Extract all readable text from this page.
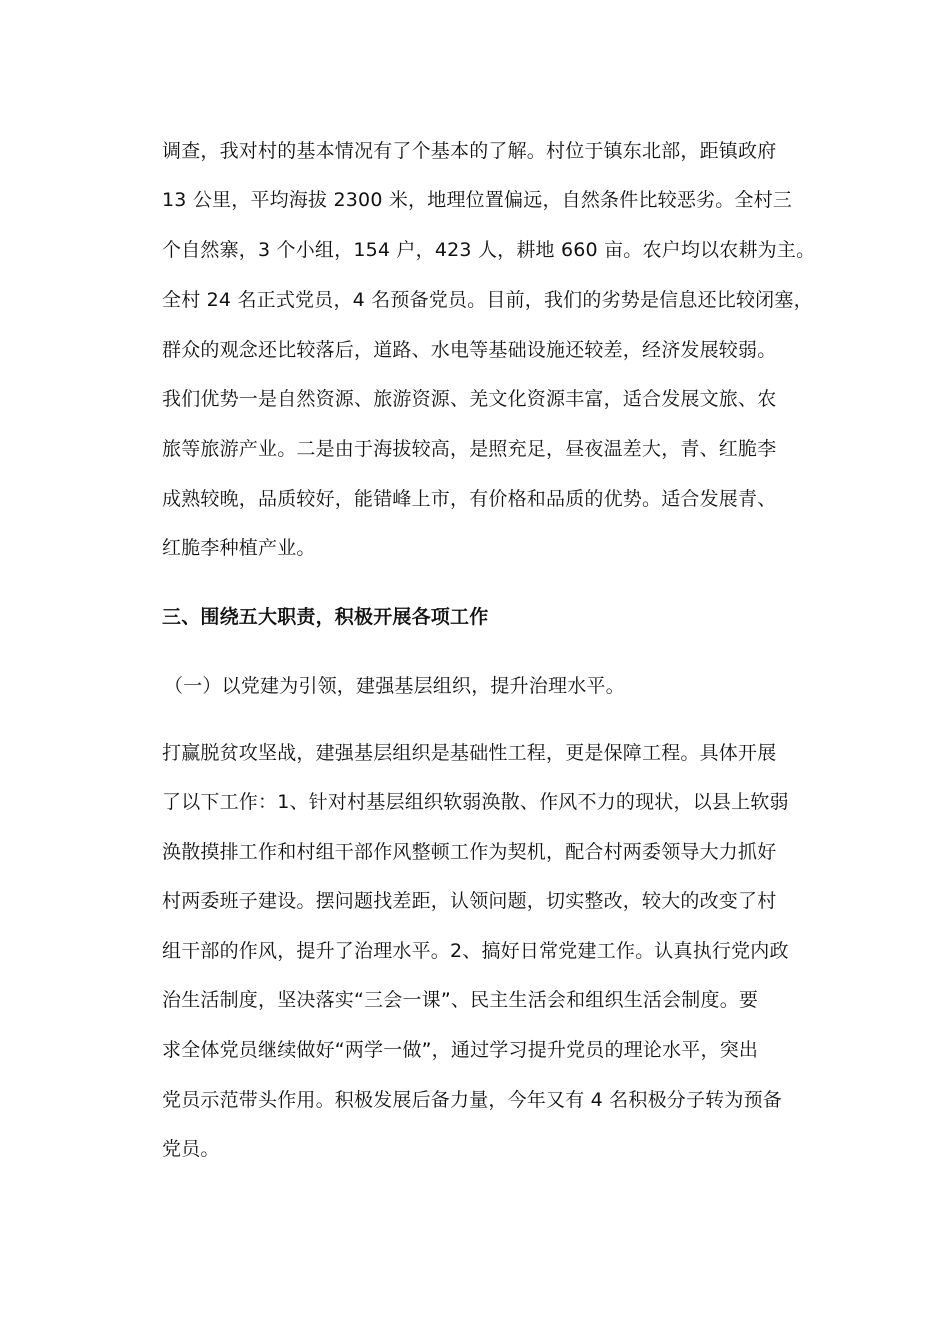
调查，我对村的基本情况有了个基本的了解。村位于镇东北部，距镇政府
13 公里，平均海拔 2300 米，地理位置偏远，自然条件比较恶劣。全村三
个自然寨，3 个小组，154 户，423 人，耕地 660 亩。农户均以农耕为主。
全村 24 名正式党员，4 名预备党员。目前，我们的劣势是信息还比较闭塞，
群众的观念还比较落后，道路、水电等基础设施还较差，经济发展较弱。
我们优势一是自然资源、旅游资源、羌文化资源丰富，适合发展文旅、农
旅等旅游产业。二是由于海拔较高，是照充足，昼夜温差大，青、红脆李
成熟较晚，品质较好，能错峰上市，有价格和品质的优势。适合发展青、
红脆李种植产业。
三、围绕五大职责，积极开展各项工作
（一）以党建为引领，建强基层组织，提升治理水平。
打赢脱贫攻坚战，建强基层组织是基础性工程，更是保障工程。具体开展
了以下工作：1、针对村基层组织软弱涣散、作风不力的现状，以县上软弱
涣散摸排工作和村组干部作风整顿工作为契机，配合村两委领导大力抓好
村两委班子建设。摆问题找差距，认领问题，切实整改，较大的改变了村
组干部的作风，提升了治理水平。2、搞好日常党建工作。认真执行党内政
治生活制度，坚决落实“三会一课”、民主生活会和组织生活会制度。要
求全体党员继续做好“两学一做”，通过学习提升党员的理论水平，突出
党员示范带头作用。积极发展后备力量，今年又有 4 名积极分子转为预备
党员。
